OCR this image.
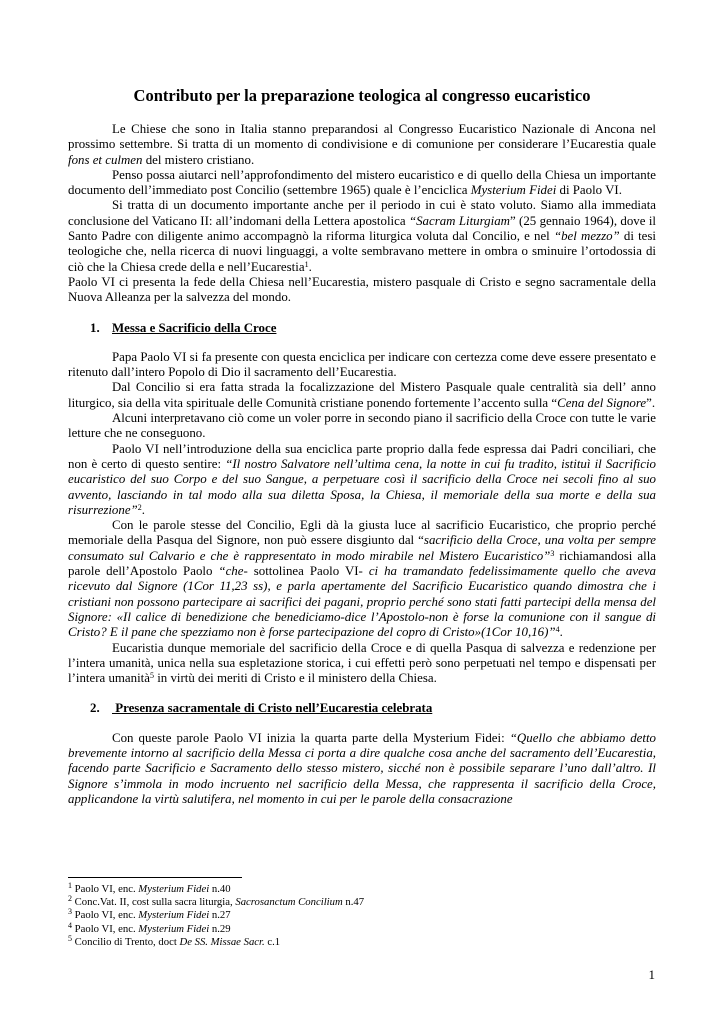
Contributo per la preparazione teologica al congresso eucaristico

Le Chiese che sono in Italia stanno preparandosi al Congresso Eucaristico Nazionale di Ancona nel prossimo settembre. Si tratta di un momento di condivisione e di comunione per considerare l’Eucarestia quale fons et culmen del mistero cristiano.

Penso possa aiutarci nell’approfondimento del mistero eucaristico e di quello della Chiesa un importante documento dell’immediato post Concilio (settembre 1965) quale è l’enciclica Mysterium Fidei di Paolo VI.

Si tratta di un documento importante anche per il periodo in cui è stato voluto. Siamo alla immediata conclusione del Vaticano II: all’indomani della Lettera apostolica “Sacram Liturgiam” (25 gennaio 1964), dove il Santo Padre con diligente animo accompagnò la riforma liturgica voluta dal Concilio, e nel “bel mezzo” di tesi teologiche che, nella ricerca di nuovi linguaggi, a volte sembravano mettere in ombra o sminuire l’ortodossia di ciò che la Chiesa crede della e nell’Eucarestia$^1$.

Paolo VI ci presenta la fede della Chiesa nell’Eucarestia, mistero pasquale di Cristo e segno sacramentale della Nuova Alleanza per la salvezza del mondo.

1. Messa e Sacrificio della Croce

Papa Paolo VI si fa presente con questa enciclica per indicare con certezza come deve essere presentato e ritenuto dall’intero Popolo di Dio il sacramento dell’Eucarestia.

Dal Concilio si era fatta strada la focalizzazione del Mistero Pasquale quale centralità sia dell’ anno liturgico, sia della vita spirituale delle Comunità cristiane ponendo fortemente l’accento sulla “Cena del Signore”.

Alcuni interpretavano ciò come un voler porre in secondo piano il sacrificio della Croce con tutte le varie letture che ne conseguono.

Paolo VI nell’introduzione della sua enciclica parte proprio dalla fede espressa dai Padri conciliari, che non è certo di questo sentire: “Il nostro Salvatore nell’ultima cena, la notte in cui fu tradito, istituì il Sacrificio eucaristico del suo Corpo e del suo Sangue, a perpetuare così il sacrificio della Croce nei secoli fino al suo avvento, lasciando in tal modo alla sua diletta Sposa, la Chiesa, il memoriale della sua morte e della sua risurrezione”$^2$.

Con le parole stesse del Concilio, Egli dà la giusta luce al sacrificio Eucaristico, che proprio perché memoriale della Pasqua del Signore, non può essere disgiunto dal “sacrificio della Croce, una volta per sempre consumato sul Calvario e che è rappresentato in modo mirabile nel Mistero Eucaristico”$^3$ richiamandosi alla parole dell’Apostolo Paolo “che- sottolinea Paolo VI- ci ha tramandato fedelissimamente quello che aveva ricevuto dal Signore (1Cor 11,23 ss), e parla apertamente del Sacrificio Eucaristico quando dimostra che i cristiani non possono partecipare ai sacrifici dei pagani, proprio perché sono stati fatti partecipi della mensa del Signore: «Il calice di benedizione che benediciamo-dice l’Apostolo-non è forse la comunione con il sangue di Cristo? E il pane che spezziamo non è forse partecipazione del copro di Cristo»(1Cor 10,16)”$^4$.

Eucaristia dunque memoriale del sacrificio della Croce e di quella Pasqua di salvezza e redenzione per l’intera umanità, unica nella sua espletazione storica, i cui effetti però sono perpetuati nel tempo e dispensati per l’intera umanità$^5$ in virtù dei meriti di Cristo e il ministero della Chiesa.

2. Presenza sacramentale di Cristo nell’Eucarestia celebrata

Con queste parole Paolo VI inizia la quarta parte della Mysterium Fidei: “Quello che abbiamo detto brevemente intorno al sacrificio della Messa ci porta a dire qualche cosa anche del sacramento dell’Eucarestia, facendo parte Sacrificio e Sacramento dello stesso mistero, sicché non è possibile separare l’uno dall’altro. Il Signore s’immola in modo incruento nel sacrificio della Messa, che rappresenta il sacrificio della Croce, applicandone la virtù salutifera, nel momento in cui per le parole della consacrazione

$^1$ Paolo VI, enc. Mysterium Fidei n.40
$^2$ Conc.Vat. II, cost sulla sacra liturgia, Sacrosanctum Concilium n.47
$^3$ Paolo VI, enc. Mysterium Fidei n.27
$^4$ Paolo VI, enc. Mysterium Fidei n.29
$^5$ Concilio di Trento, doct De SS. Missae Sacr. c.1
1
